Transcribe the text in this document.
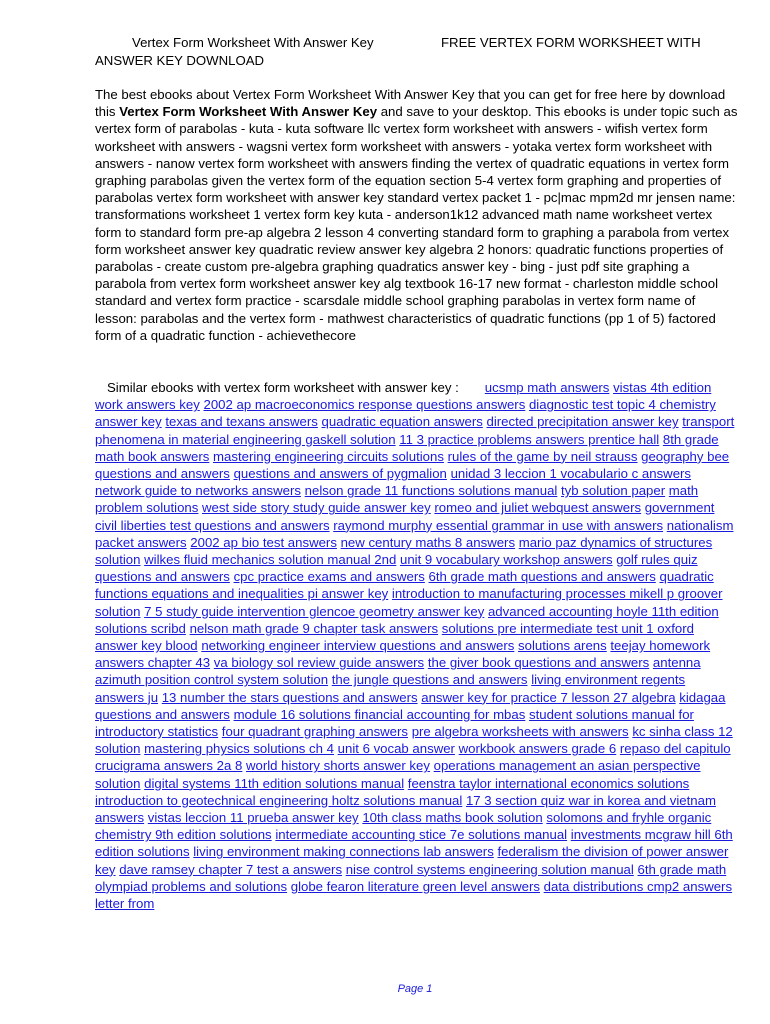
Vertex Form Worksheet With Answer Key	FREE VERTEX FORM WORKSHEET WITH
ANSWER KEY DOWNLOAD

The best ebooks about Vertex Form Worksheet With Answer Key that you can get for free here by download this Vertex Form Worksheet With Answer Key and save to your desktop. This ebooks is under topic such as vertex form of parabolas - kuta - kuta software llc vertex form worksheet with answers - wifish vertex form worksheet with answers - wagsni vertex form worksheet with answers - yotaka vertex form worksheet with answers - nanow vertex form worksheet with answers finding the vertex of quadratic equations in vertex form graphing parabolas given the vertex form of the equation section 5-4 vertex form graphing and properties of parabolas vertex form worksheet with answer key standard vertex packet 1 - pc|mac mpm2d mr jensen name: transformations worksheet 1 vertex form key kuta - anderson1k12 advanced math name worksheet vertex form to standard form pre-ap algebra 2 lesson 4 converting standard form to graphing a parabola from vertex form worksheet answer key quadratic review answer key algebra 2 honors: quadratic functions properties of parabolas - create custom pre-algebra graphing quadratics answer key - bing - just pdf site graphing a parabola from vertex form worksheet answer key alg textbook 16-17 new format - charleston middle school standard and vertex form practice - scarsdale middle school graphing parabolas in vertex form name of lesson: parabolas and the vertex form - mathwest characteristics of quadratic functions (pp 1 of 5) factored form of a quadratic function - achievethecore

Similar ebooks with vertex form worksheet with answer key : ucsmp math answers vistas 4th edition work answers key 2002 ap macroeconomics response questions answers diagnostic test topic 4 chemistry answer key texas and texans answers quadratic equation answers directed precipitation answer key transport phenomena in material engineering gaskell solution 11 3 practice problems answers prentice hall 8th grade math book answers mastering engineering circuits solutions rules of the game by neil strauss geography bee questions and answers questions and answers of pygmalion unidad 3 leccion 1 vocabulario c answers network guide to networks answers nelson grade 11 functions solutions manual tyb solution paper math problem solutions west side story study guide answer key romeo and juliet webquest answers government civil liberties test questions and answers raymond murphy essential grammar in use with answers nationalism packet answers 2002 ap bio test answers new century maths 8 answers mario paz dynamics of structures solution wilkes fluid mechanics solution manual 2nd unit 9 vocabulary workshop answers golf rules quiz questions and answers cpc practice exams and answers 6th grade math questions and answers quadratic functions equations and inequalities pi answer key introduction to manufacturing processes mikell p groover solution 7 5 study guide intervention glencoe geometry answer key advanced accounting hoyle 11th edition solutions scribd nelson math grade 9 chapter task answers solutions pre intermediate test unit 1 oxford answer key blood networking engineer interview questions and answers solutions arens teejay homework answers chapter 43 va biology sol review guide answers the giver book questions and answers antenna azimuth position control system solution the jungle questions and answers living environment regents answers ju 13 number the stars questions and answers answer key for practice 7 lesson 27 algebra kidagaa questions and answers module 16 solutions financial accounting for mbas student solutions manual for introductory statistics four quadrant graphing answers pre algebra worksheets with answers kc sinha class 12 solution mastering physics solutions ch 4 unit 6 vocab answer workbook answers grade 6 repaso del capitulo crucigrama answers 2a 8 world history shorts answer key operations management an asian perspective solution digital systems 11th edition solutions manual feenstra taylor international economics solutions introduction to geotechnical engineering holtz solutions manual 17 3 section quiz war in korea and vietnam answers vistas leccion 11 prueba answer key 10th class maths book solution solomons and fryhle organic chemistry 9th edition solutions intermediate accounting stice 7e solutions manual investments mcgraw hill 6th edition solutions living environment making connections lab answers federalism the division of power answer key dave ramsey chapter 7 test a answers nise control systems engineering solution manual 6th grade math olympiad problems and solutions globe fearon literature green level answers data distributions cmp2 answers letter from

Page 1
